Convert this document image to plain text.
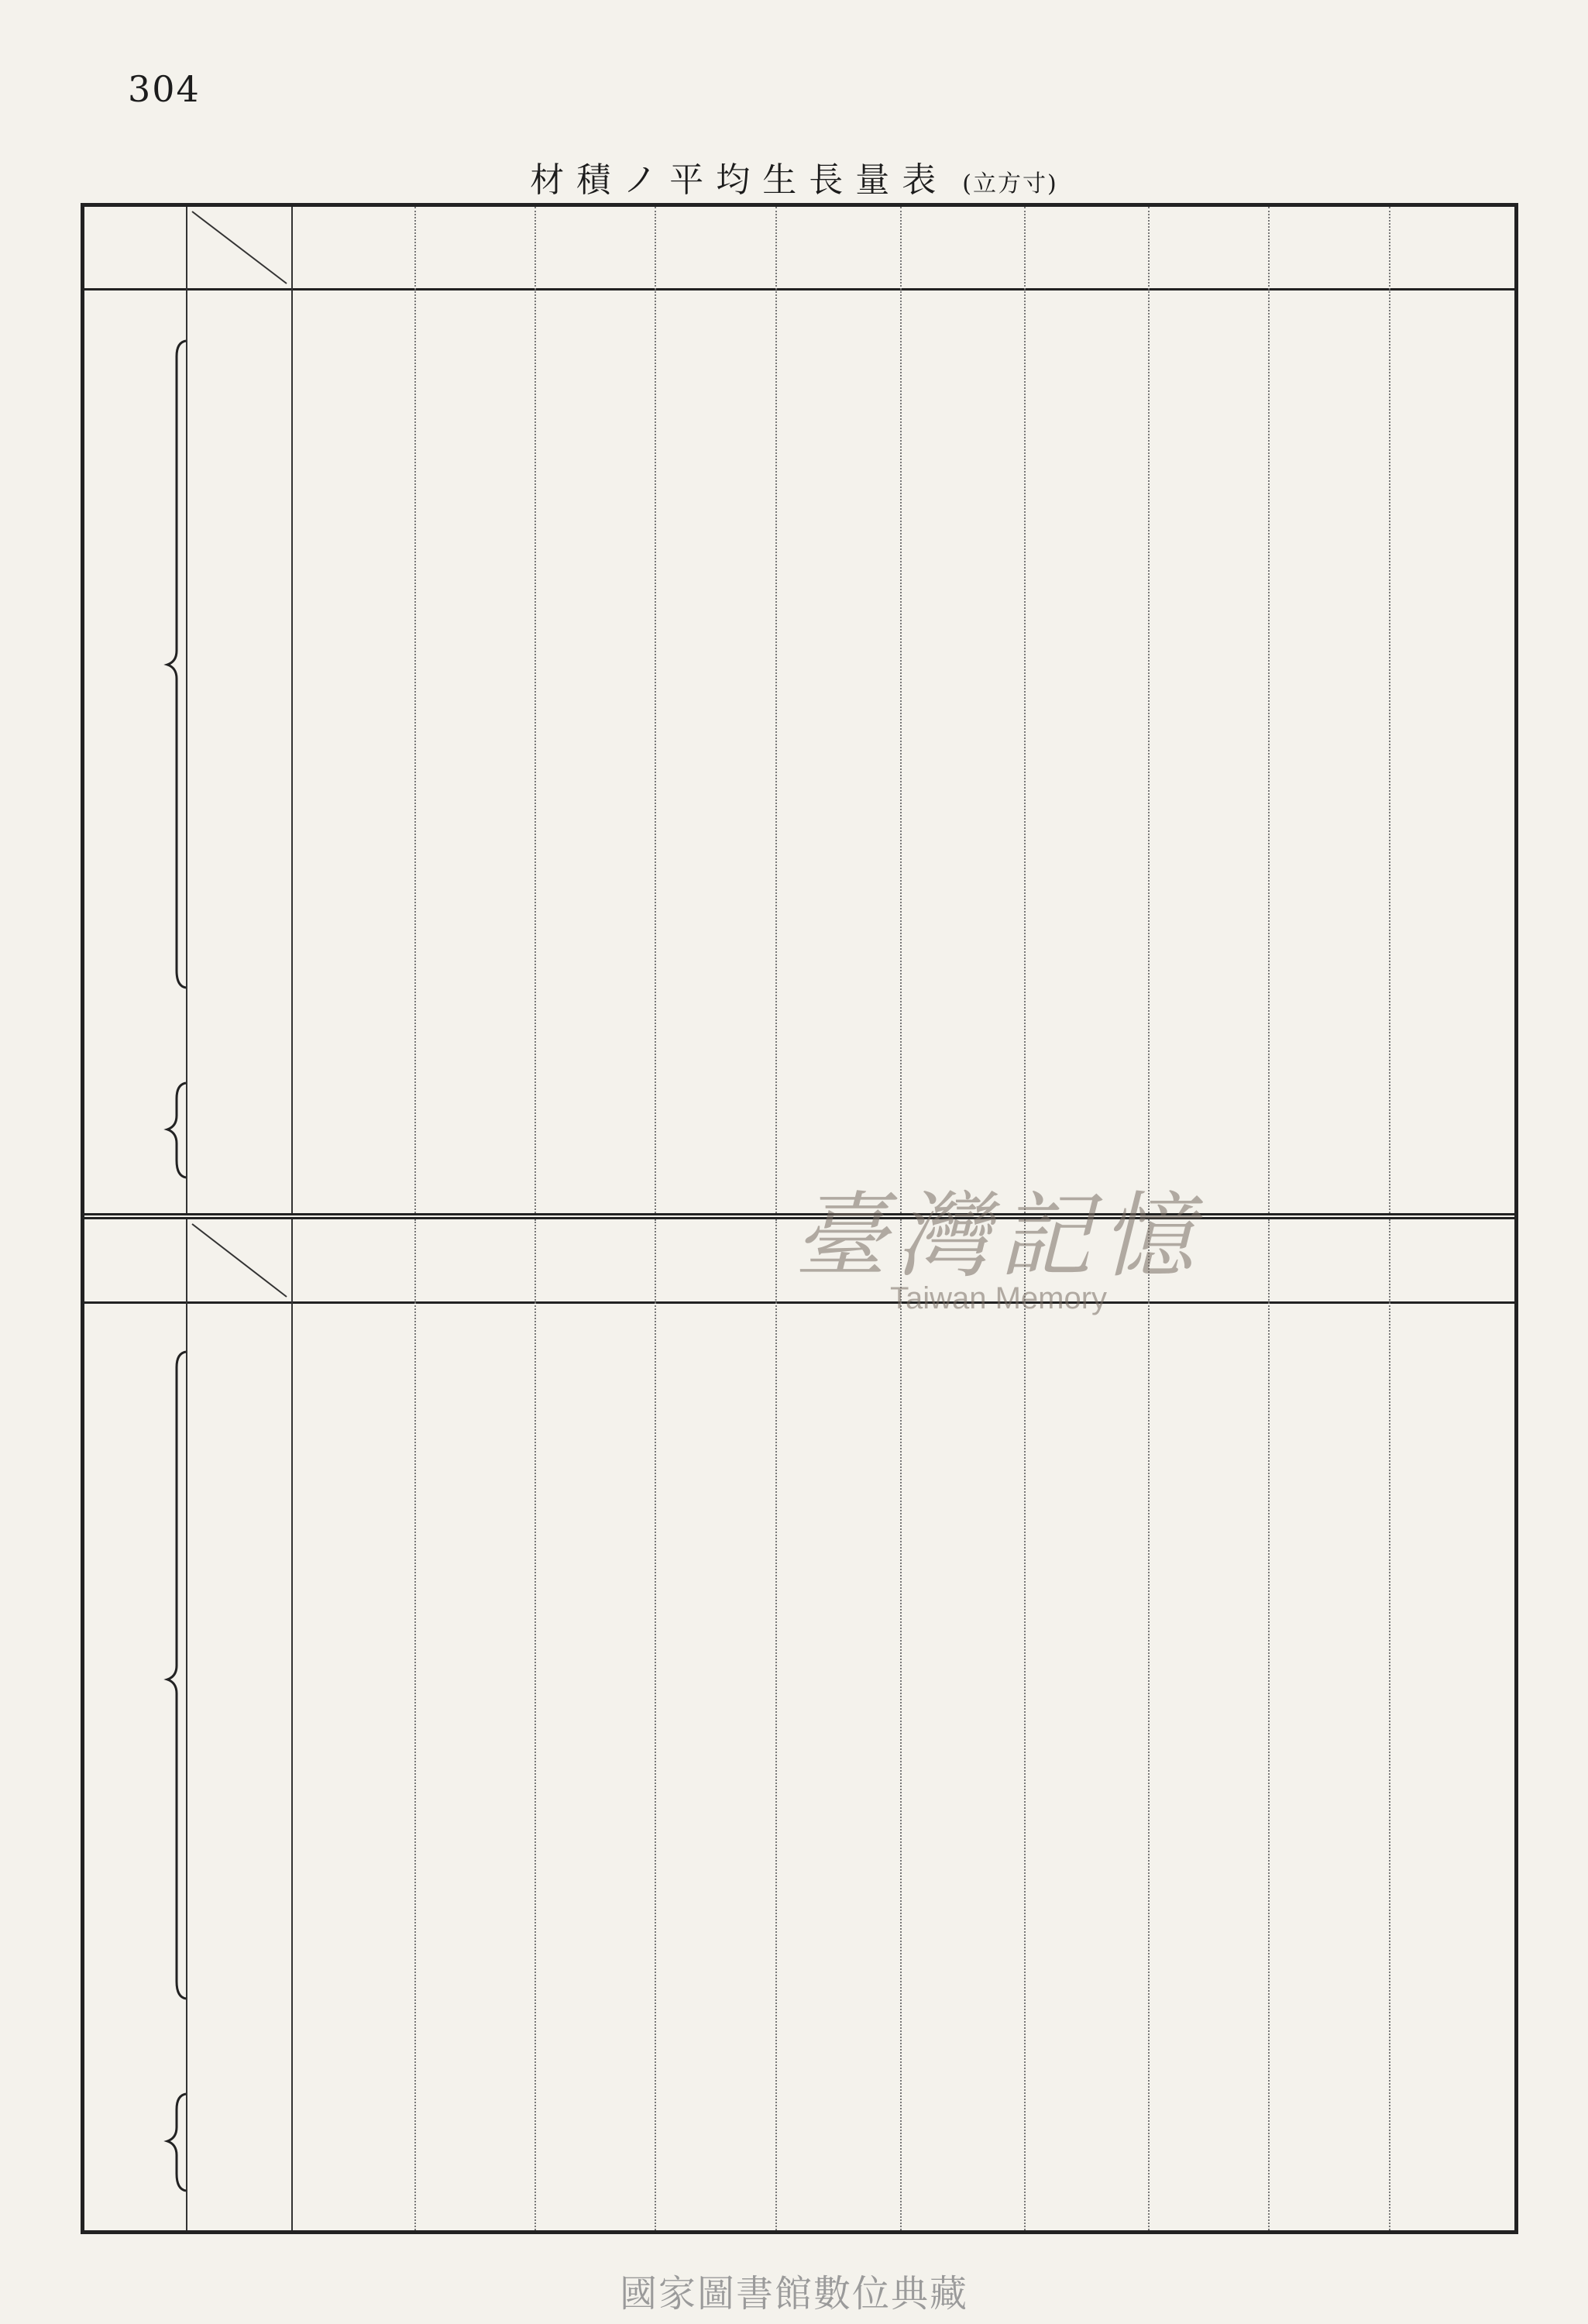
304
材積ノ平均生長量表 (立方寸)
臺灣記憶
Taiwan Memory
國家圖書館數位典藏
